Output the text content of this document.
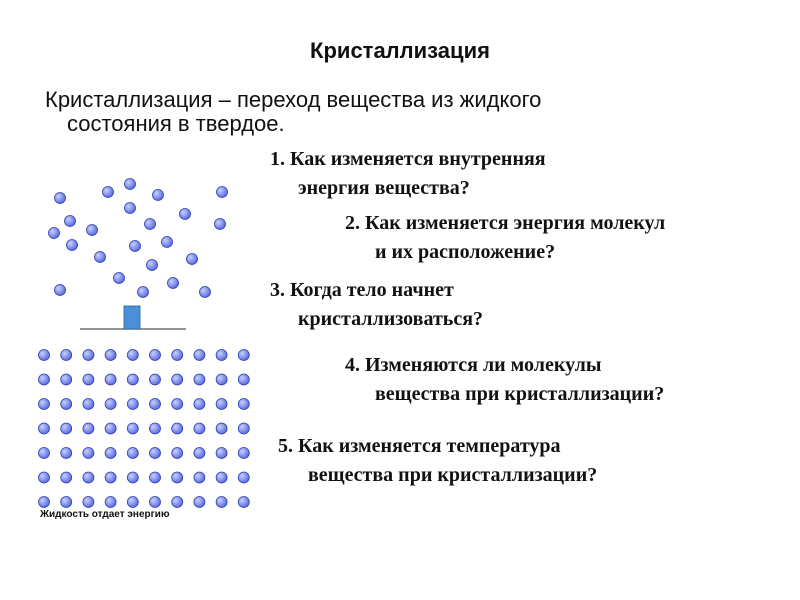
Кристаллизация
Кристаллизация – переход вещества из жидкого
состояния в твердое.
1. Как изменяется внутренняя
энергия вещества?
2. Как изменяется энергия молекул
и их расположение?
3. Когда тело начнет
кристаллизоваться?
4. Изменяются ли молекулы
вещества при кристаллизации?
5. Как изменяется температура
вещества при кристаллизации?
Жидкость отдает энергию
